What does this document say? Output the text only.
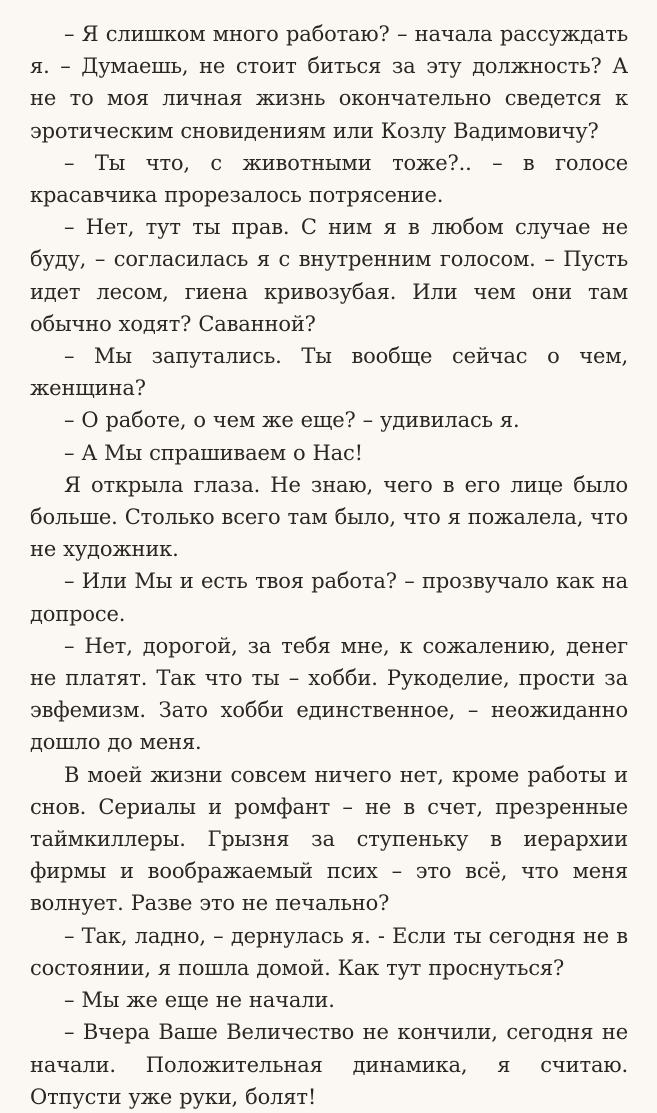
– Я слишком много работаю? – начала рассуждать я. – Думаешь, не стоит биться за эту должность? А не то моя личная жизнь окончательно сведется к эротическим сновидениям или Козлу Вадимовичу?

– Ты что, с животными тоже?.. – в голосе красавчика прорезалось потрясение.

– Нет, тут ты прав. С ним я в любом случае не буду, – согласилась я с внутренним голосом. – Пусть идет лесом, гиена кривозубая. Или чем они там обычно ходят? Саванной?

– Мы запутались. Ты вообще сейчас о чем, женщина?

– О работе, о чем же еще? – удивилась я.

– А Мы спрашиваем о Нас!

Я открыла глаза. Не знаю, чего в его лице было больше. Столько всего там было, что я пожалела, что не художник.

– Или Мы и есть твоя работа? – прозвучало как на допросе.

– Нет, дорогой, за тебя мне, к сожалению, денег не платят. Так что ты – хобби. Рукоделие, прости за эвфемизм. Зато хобби единственное, – неожиданно дошло до меня.

В моей жизни совсем ничего нет, кроме работы и снов. Сериалы и ромфант – не в счет, презренные таймкиллеры. Грызня за ступеньку в иерархии фирмы и воображаемый псих – это всё, что меня волнует. Разве это не печально?

– Так, ладно, – дернулась я. - Если ты сегодня не в состоянии, я пошла домой. Как тут проснуться?

– Мы же еще не начали.

– Вчера Ваше Величество не кончили, сегодня не начали. Положительная динамика, я считаю. Отпусти уже руки, болят!
